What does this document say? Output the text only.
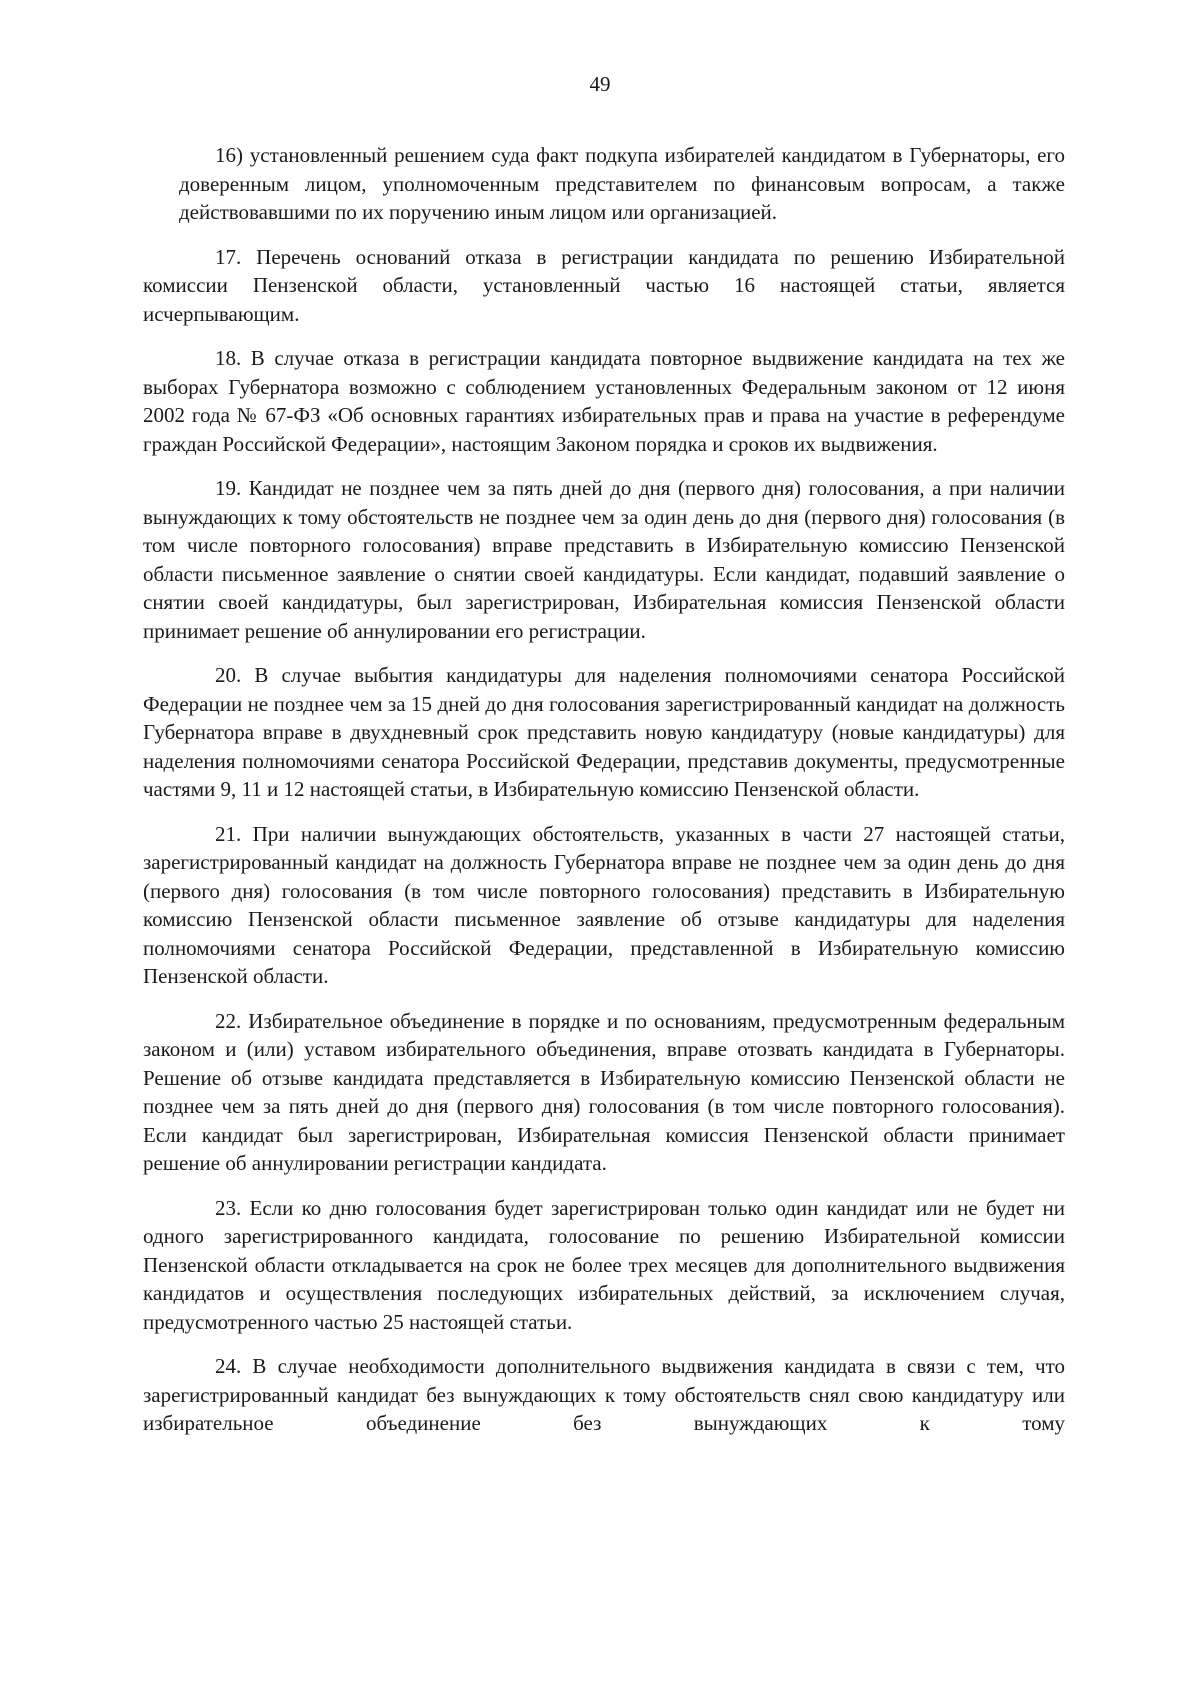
49

16) установленный решением суда факт подкупа избирателей кандидатом в Губернаторы, его доверенным лицом, уполномоченным представителем по финансовым вопросам, а также действовавшими по их поручению иным лицом или организацией.

17. Перечень оснований отказа в регистрации кандидата по решению Избирательной комиссии Пензенской области, установленный частью 16 настоящей статьи, является исчерпывающим.

18. В случае отказа в регистрации кандидата повторное выдвижение кандидата на тех же выборах Губернатора возможно с соблюдением установленных Федеральным законом от 12 июня 2002 года № 67-ФЗ «Об основных гарантиях избирательных прав и права на участие в референдуме граждан Российской Федерации», настоящим Законом порядка и сроков их выдвижения.

19. Кандидат не позднее чем за пять дней до дня (первого дня) голосования, а при наличии вынуждающих к тому обстоятельств не позднее чем за один день до дня (первого дня) голосования (в том числе повторного голосования) вправе представить в Избирательную комиссию Пензенской области письменное заявление о снятии своей кандидатуры. Если кандидат, подавший заявление о снятии своей кандидатуры, был зарегистрирован, Избирательная комиссия Пензенской области принимает решение об аннулировании его регистрации.

20. В случае выбытия кандидатуры для наделения полномочиями сенатора Российской Федерации не позднее чем за 15 дней до дня голосования зарегистрированный кандидат на должность Губернатора вправе в двухдневный срок представить новую кандидатуру (новые кандидатуры) для наделения полномочиями сенатора Российской Федерации, представив документы, предусмотренные частями 9, 11 и 12 настоящей статьи, в Избирательную комиссию Пензенской области.

21. При наличии вынуждающих обстоятельств, указанных в части 27 настоящей статьи, зарегистрированный кандидат на должность Губернатора вправе не позднее чем за один день до дня (первого дня) голосования (в том числе повторного голосования) представить в Избирательную комиссию Пензенской области письменное заявление об отзыве кандидатуры для наделения полномочиями сенатора Российской Федерации, представленной в Избирательную комиссию Пензенской области.

22. Избирательное объединение в порядке и по основаниям, предусмотренным федеральным законом и (или) уставом избирательного объединения, вправе отозвать кандидата в Губернаторы. Решение об отзыве кандидата представляется в Избирательную комиссию Пензенской области не позднее чем за пять дней до дня (первого дня) голосования (в том числе повторного голосования). Если кандидат был зарегистрирован, Избирательная комиссия Пензенской области принимает решение об аннулировании регистрации кандидата.

23. Если ко дню голосования будет зарегистрирован только один кандидат или не будет ни одного зарегистрированного кандидата, голосование по решению Избирательной комиссии Пензенской области откладывается на срок не более трех месяцев для дополнительного выдвижения кандидатов и осуществления последующих избирательных действий, за исключением случая, предусмотренного частью 25 настоящей статьи.

24. В случае необходимости дополнительного выдвижения кандидата в связи с тем, что зарегистрированный кандидат без вынуждающих к тому обстоятельств снял свою кандидатуру или избирательное объединение без вынуждающих к тому
